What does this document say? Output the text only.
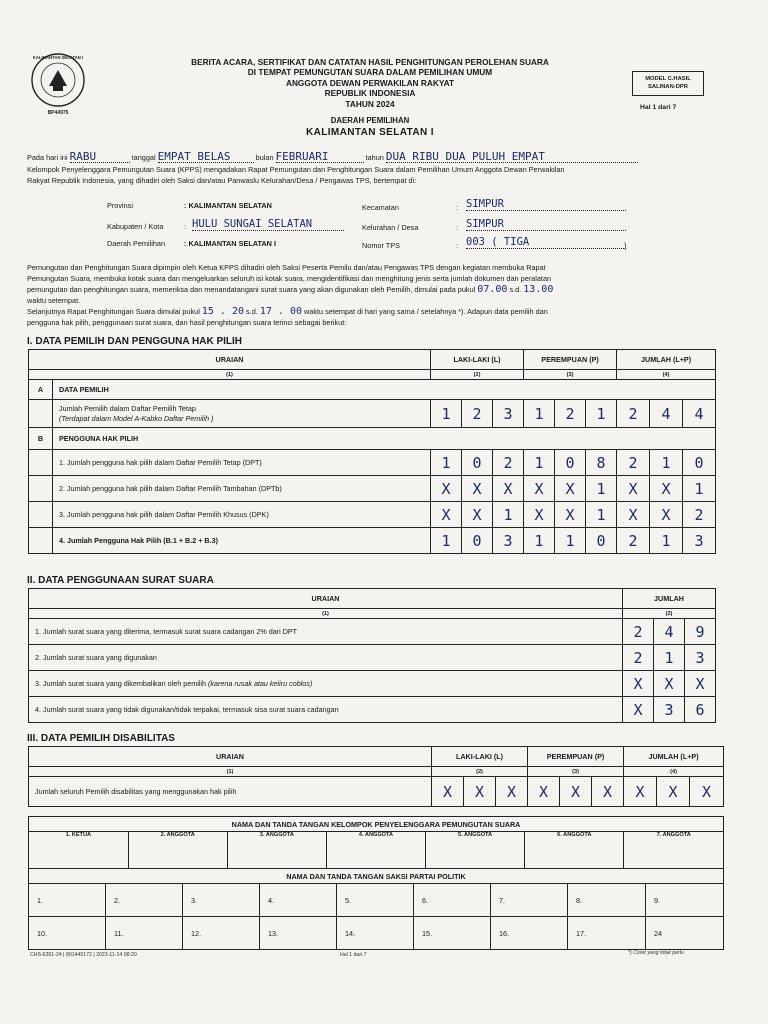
BP44975
KALIMANTAN SELATAN I	BERITA ACARA, SERTIFIKAT DAN CATATAN HASIL PENGHITUNGAN PEROLEHAN SUARA
DI TEMPAT PEMUNGUTAN SUARA DALAM PEMILIHAN UMUM
ANGGOTA DEWAN PERWAKILAN RAKYAT
REPUBLIK INDONESIA
TAHUN 2024
MODEL C.HASIL
SALINAN-DPR
Hal 1 dari 7
DAERAH PEMILIHAN
KALIMANTAN SELATAN I
Pada hari ini RABU	tanggal EMPAT BELAS	bulan FEBRUARI	tahun DUA RIBU DUA PULUH EMPAT
Kelompok Penyelenggara Pemungutan Suara (KPPS) mengadakan Rapat Pemungutan dan Penghitungan Suara dalam Pemilihan Umum Anggota Dewan Perwakilan
Rakyat Republik Indonesia, yang dihadiri oleh Saksi dan/atau Panwaslu Kelurahan/Desa / Pengawas TPS, bertempat di:
Provinsi	: KALIMANTAN SELATAN
Kabupaten / Kota	: HULU SUNGAI SELATAN
Daerah Pemilihan	: KALIMANTAN SELATAN I
Kecamatan	: SIMPUR
Kelurahan / Desa	: SIMPUR
Nomor TPS	: 003 ( TIGA	)
Pemungutan dan Penghitungan Suara dipimpin oleh Ketua KPPS dihadiri oleh Saksi Peserta Pemilu dan/atau Pengawas TPS dengan kegiatan membuka Rapat
Pemungutan Suara, membuka kotak suara dan mengeluarkan seluruh isi kotak suara, mengidentifikasi dan menghitung jenis serta jumlah dokumen dan peralatan
pemungutan dan penghitungan suara, memeriksa dan menandatangani surat suara yang akan digunakan oleh Pemilih, dimulai pada pukul 07.00 s.d. 13.00
waktu setempat.
Selanjutnya Rapat Penghitungan Suara dimulai pukul 15 . 20 s.d. 17 . 00 waktu setempat di hari yang sama / setelahnya *). Adapun data pemilih dan
pengguna hak pilih, penggunaan surat suara, dan hasil penghitungan suara terinci sebagai berikut:
I. DATA PEMILIH DAN PENGGUNA HAK PILIH
URAIAN		LAKI-LAKI (L)			PEREMPUAN (P)			JUMLAH (L+P)		
(1)		(2)			(3)			(4)		
A	DATA PEMILIH									

	Jumlah Pemilih dalam Daftar Pemilih Tetap
(Terdapat dalam Model A-Kabko Daftar Pemilih )	1	2	3	1	2	1	2	4	4
B	PENGGUNA HAK PILIH									
	1. Jumlah pengguna hak pilih dalam Daftar Pemilih Tetap (DPT)	1	0	2	1	0	8	2	1	0
	2. Jumlah pengguna hak pilih dalam Daftar Pemilih Tambahan (DPTb)	X	X	X	X	X	1	X	X	1
	3. Jumlah pengguna hak pilih dalam Daftar Pemilih Khusus (DPK)	X	X	1	X	X	1	X	X	2
	4. Jumlah Pengguna Hak Pilih (B.1 + B.2 + B.3)	1	0	3	1	1	0	2	1	3
II. DATA PENGGUNAAN SURAT SUARA
URAIAN	JUMLAH		
(1)	(2)		
1. Jumlah surat suara yang diterima, termasuk surat suara cadangan 2% dari DPT	2	4	9
2. Jumlah surat suara yang digunakan	2	1	3
3. Jumlah surat suara yang dikembalikan oleh pemilih (karena rusak atau keliru coblos)	X	X	X
4. Jumlah surat suara yang tidak digunakan/tidak terpakai, termasuk sisa surat suara cadangan	X	3	6
III. DATA PEMILIH DISABILITAS
URAIAN	LAKI-LAKI (L)			PEREMPUAN (P)			JUMLAH (L+P)		
(1)	(2)			(3)			(4)		
Jumlah seluruh Pemilih disabilitas yang menggunakan hak pilih	X	X	X	X	X	X	X	X	X
NAMA DAN TANDA TANGAN KELOMPOK PENYELENGGARA PEMUNGUTAN SUARA

1. KETUA	2. ANGGOTA	3. ANGGOTA	4. ANGGOTA	5. ANGGOTA	6. ANGGOTA	7. ANGGOTA

NAMA DAN TANDA TANGAN SAKSI PARTAI POLITIK
1.	2.	3.	4.	5.	6.	7.	8.	9.
10.	11.	12.	13.	14.	15.	16.	17.	24
CHS-6301-24 | 891445172 | 2023-11-14 08:20	Hal 1 dari 7	*) Coret yang tidak perlu
